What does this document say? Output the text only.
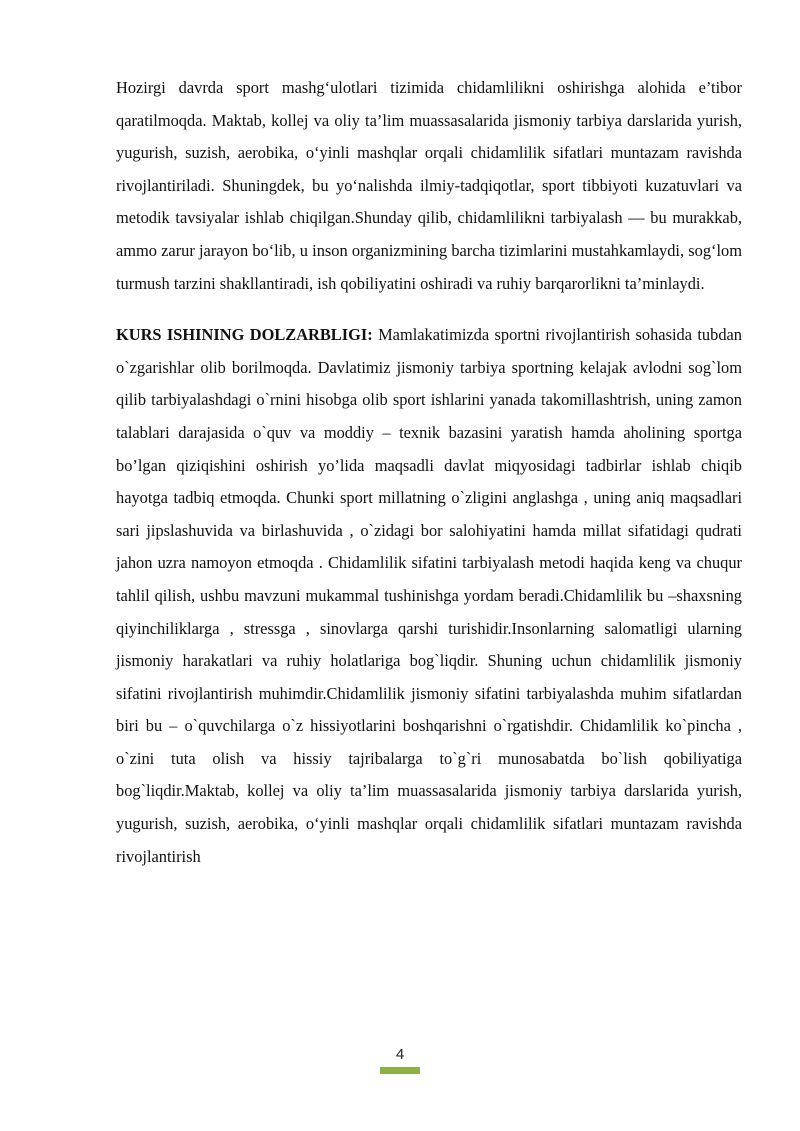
Hozirgi davrda sport mashg‘ulotlari tizimida chidamlilikni oshirishga alohida e’tibor qaratilmoqda. Maktab, kollej va oliy ta’lim muassasalarida jismoniy tarbiya darslarida yurish, yugurish, suzish, aerobika, o‘yinli mashqlar orqali chidamlilik sifatlari muntazam ravishda rivojlantiriladi. Shuningdek, bu yo‘nalishda ilmiy-tadqiqotlar, sport tibbiyoti kuzatuvlari va metodik tavsiyalar ishlab chiqilgan.Shunday qilib, chidamlilikni tarbiyalash — bu murakkab, ammo zarur jarayon bo‘lib, u inson organizmining barcha tizimlarini mustahkamlaydi, sog‘lom turmush tarzini shakllantiradi, ish qobiliyatini oshiradi va ruhiy barqarorlikni ta’minlaydi.

KURS ISHINING DOLZARBLIGI: Mamlakatimizda sportni rivojlantirish sohasida tubdan o`zgarishlar olib borilmoqda. Davlatimiz jismoniy tarbiya sportning kelajak avlodni sog`lom qilib tarbiyalashdagi o`rnini hisobga olib sport ishlarini yanada takomillashtrish, uning zamon talablari darajasida o`quv va moddiy – texnik bazasini yaratish hamda aholining sportga bo’lgan qiziqishini oshirish yo’lida maqsadli davlat miqyosidagi tadbirlar ishlab chiqib hayotga tadbiq etmoqda. Chunki sport millatning o`zligini anglashga , uning aniq maqsadlari sari jipslashuvida va birlashuvida , o`zidagi bor salohiyatini hamda millat sifatidagi qudrati jahon uzra namoyon etmoqda . Chidamlilik sifatini tarbiyalash metodi haqida keng va chuqur tahlil qilish, ushbu mavzuni mukammal tushinishga yordam beradi.Chidamlilik bu –shaxsning qiyinchiliklarga , stressga , sinovlarga qarshi turishidir.Insonlarning salomatligi ularning jismoniy harakatlari va ruhiy holatlariga bog`liqdir. Shuning uchun chidamlilik jismoniy sifatini rivojlantirish muhimdir.Chidamlilik jismoniy sifatini tarbiyalashda muhim sifatlardan biri bu – o`quvchilarga o`z hissiyotlarini boshqarishni o`rgatishdir. Chidamlilik ko`pincha , o`zini tuta olish va hissiy tajribalarga to`g`ri munosabatda bo`lish qobiliyatiga bog`liqdir.Maktab, kollej va oliy ta’lim muassasalarida jismoniy tarbiya darslarida yurish, yugurish, suzish, aerobika, o‘yinli mashqlar orqali chidamlilik sifatlari muntazam ravishda rivojlantirish

4
